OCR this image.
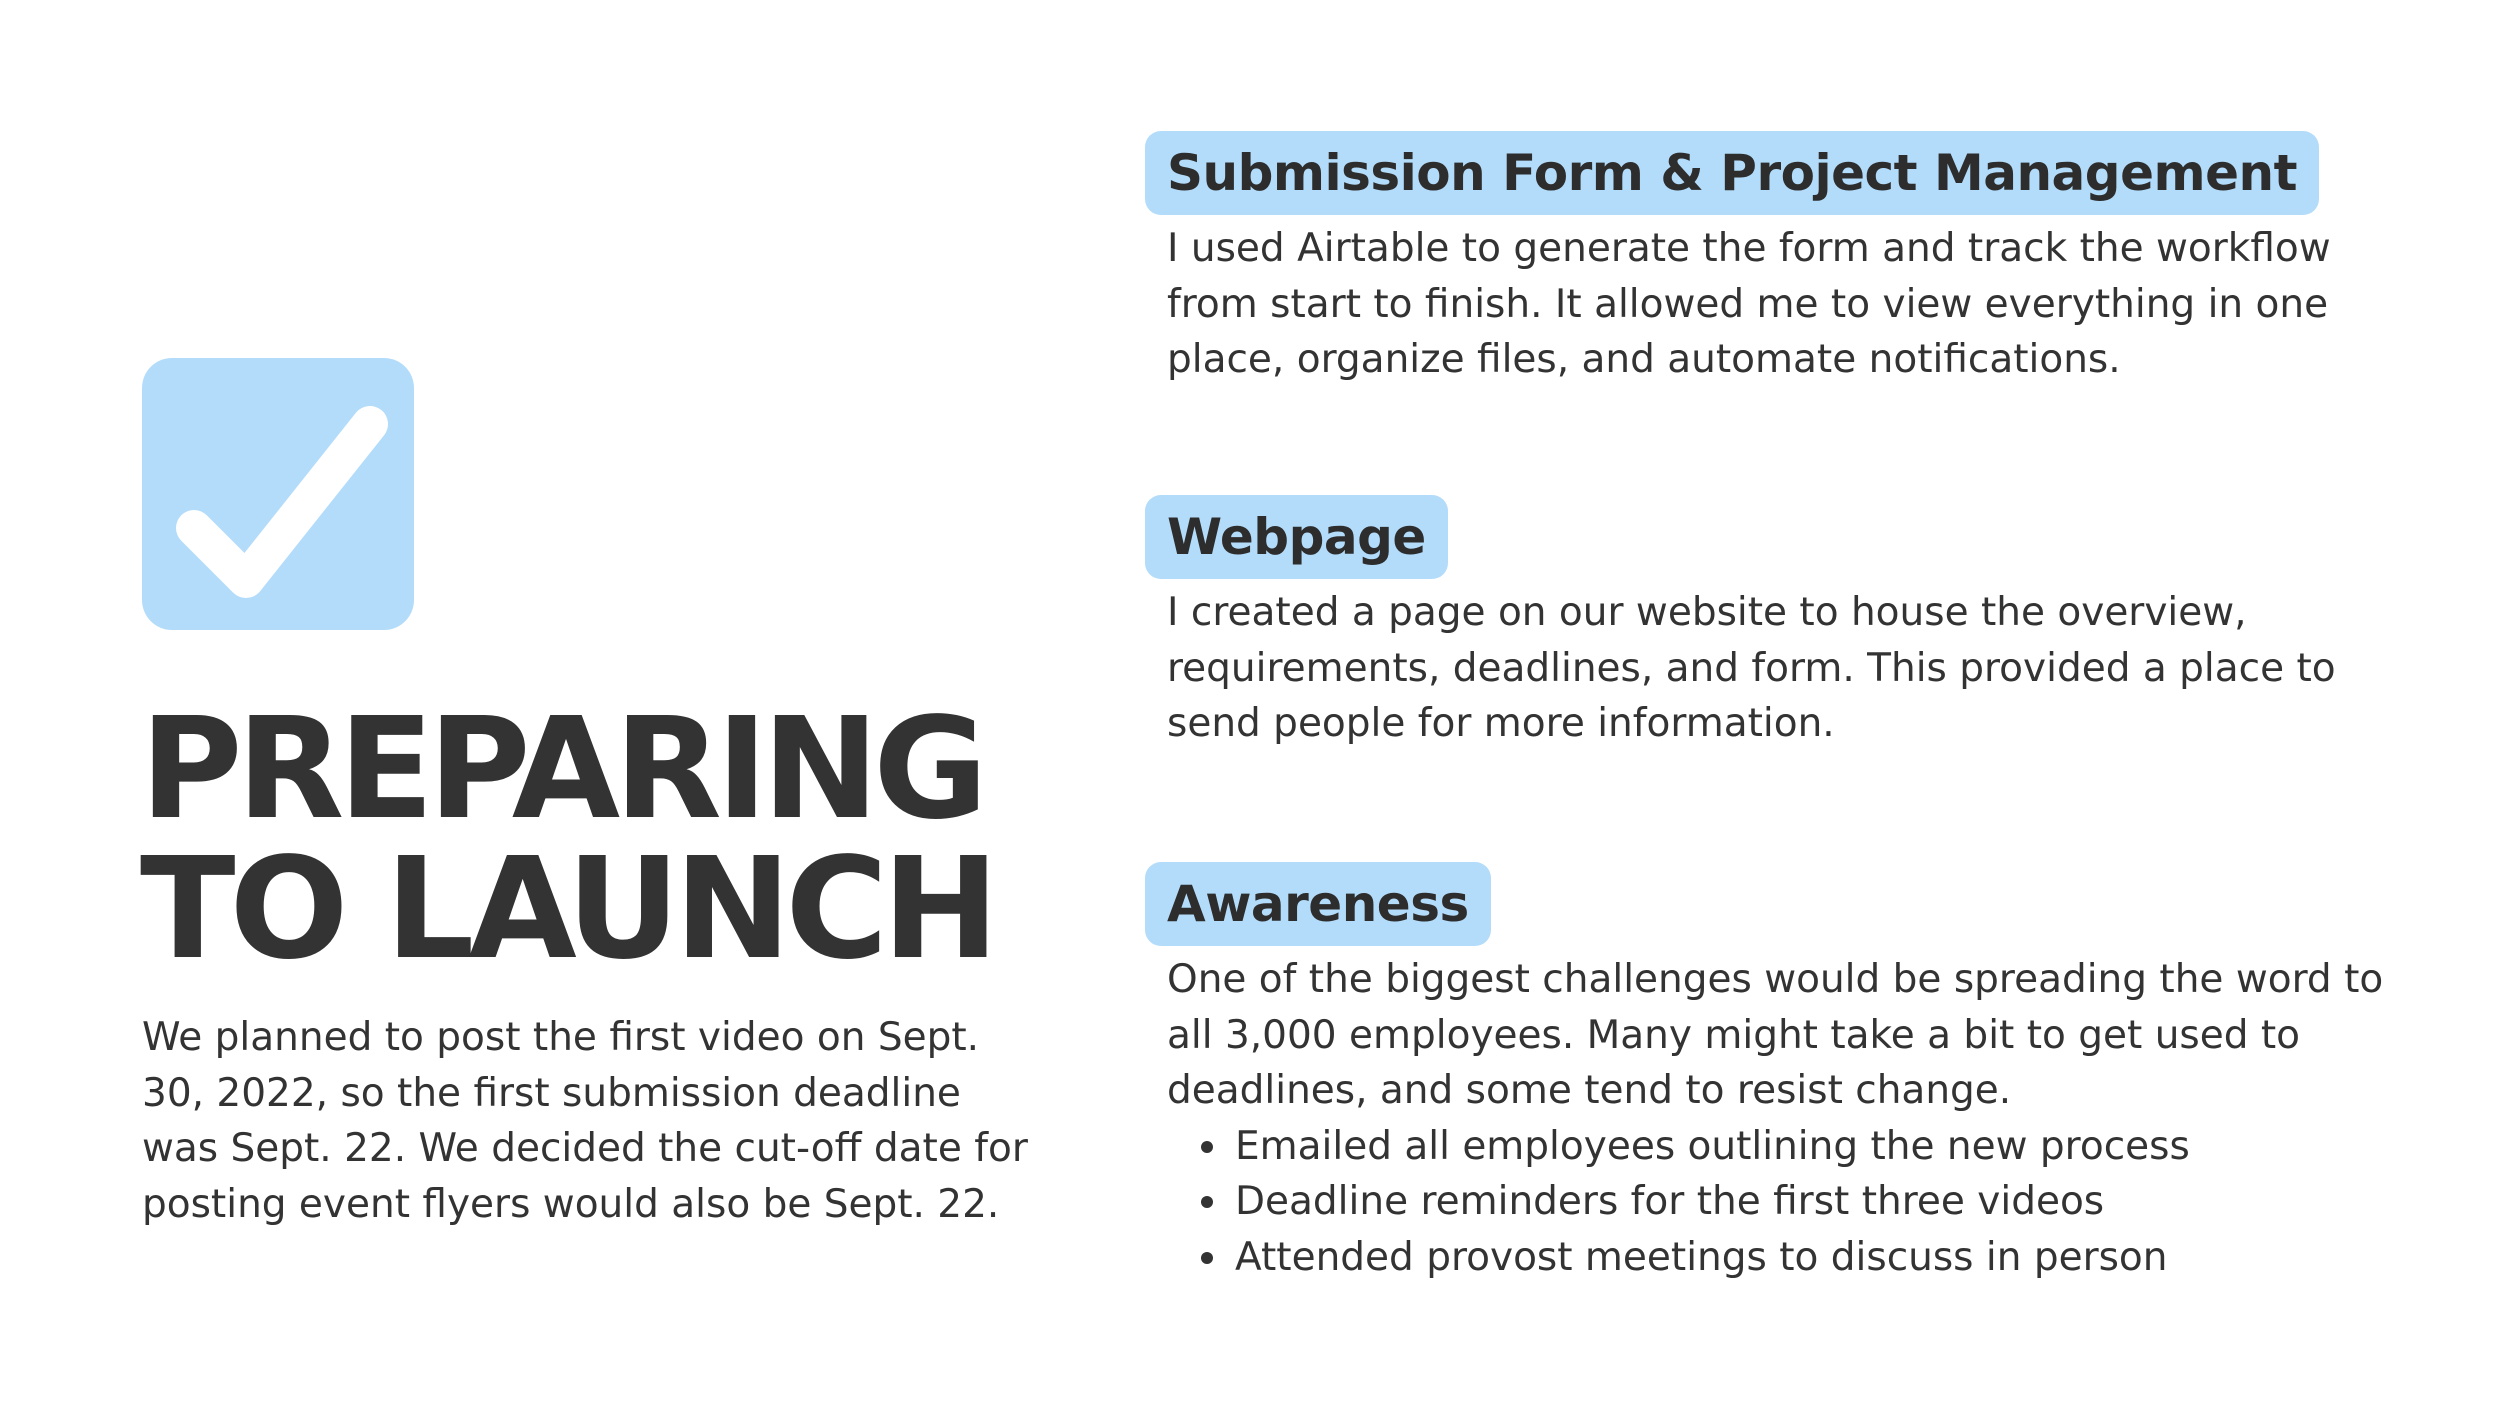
PREPARING
TO LAUNCH

We planned to post the first video on Sept. 30, 2022, so the first submission deadline was Sept. 22. We decided the cut-off date for posting event flyers would also be Sept. 22.

Submission Form & Project Management
I used Airtable to generate the form and track the workflow from start to finish. It allowed me to view everything in one place, organize files, and automate notifications.
Webpage
I created a page on our website to house the overview, requirements, deadlines, and form. This provided a place to send people for more information.
Awareness
One of the biggest challenges would be spreading the word to all 3,000 employees. Many might take a bit to get used to deadlines, and some tend to resist change.
Emailed all employees outlining the new process
Deadline reminders for the first three videos
Attended provost meetings to discuss in person
